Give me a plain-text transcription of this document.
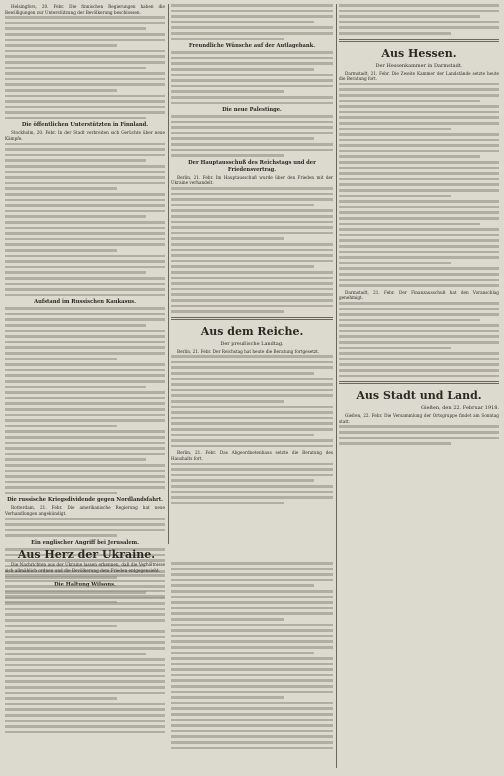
Helsingfors, 20. Febr. Die finnischen Regierungen haben die Bewilligungen zur Unterstützung der Bevölkerung beschlossen.

Die öffentlichen Unterstützten in Finnland.

Stockholm, 20. Febr. In der Stadt verbreiten sich Gerüchte über neue Kämpfe.

Aufstand im Russischen Kaukasus.
Die russische Kriegsdividende gegen Nordlandsfahrt.

Rotterdam, 21. Febr. Die amerikanische Regierung hat neue Verhandlungen angekündigt.

Ein englischer Angriff bei Jerusalem.
Freundliche Wünsche auf der Autlagebank.
Die neue Palestinge.
Der Hauptausschuß des Reichstags und der Friedensvertrag.

Berlin, 21. Febr. Im Hauptausschuß wurde über den Frieden mit der Ukraine verhandelt.

Aus dem Reiche.
Der preußische Landtag.

Berlin, 21. Febr. Der Reichstag hat heute die Beratung fortgesetzt.

Berlin, 21. Febr. Das Abgeordnetenhaus setzte die Beratung des Haushalts fort.

Aus Hessen.
Der Hessenkammer in Darmstadt.

Darmstadt, 21. Febr. Die Zweite Kammer der Landstände setzte heute die Beratung fort.

Darmstadt, 21. Febr. Der Finanzausschuß hat den Voranschlag genehmigt.

Aus Stadt und Land.
Gießen, den 22. Februar 1918.

Gießen, 22. Febr. Die Versammlung der Ortsgruppe findet am Sonntag statt.

Aus Herz der Ukraine.

Die Nachrichten aus der Ukraine lassen erkennen, daß die Verhältnisse sich allmählich ordnen und die Bevölkerung dem Frieden entgegensieht.
